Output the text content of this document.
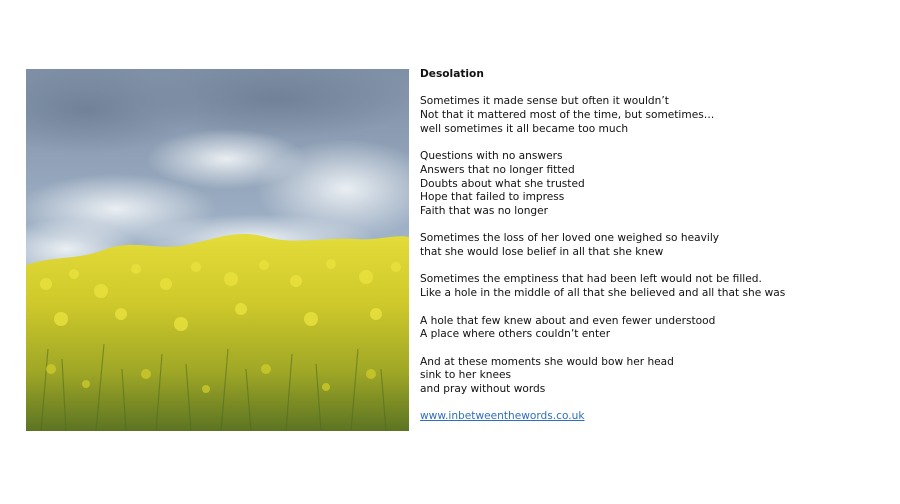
Desolation
Sometimes it made sense but often it wouldn’t
Not that it mattered most of the time, but sometimes…
well sometimes it all became too much
Questions with no answers
Answers that no longer fitted
Doubts about what she trusted
Hope that failed to impress
Faith that was no longer
Sometimes the loss of her loved one weighed so heavily
that she would lose belief in all that she knew
Sometimes the emptiness that had been left would not be filled.
Like a hole in the middle of all that she believed and all that she was
A hole that few knew about and even fewer understood
A place where others couldn’t enter
And at these moments she would bow her head
sink to her knees
and pray without words
www.inbetweenthewords.co.uk
